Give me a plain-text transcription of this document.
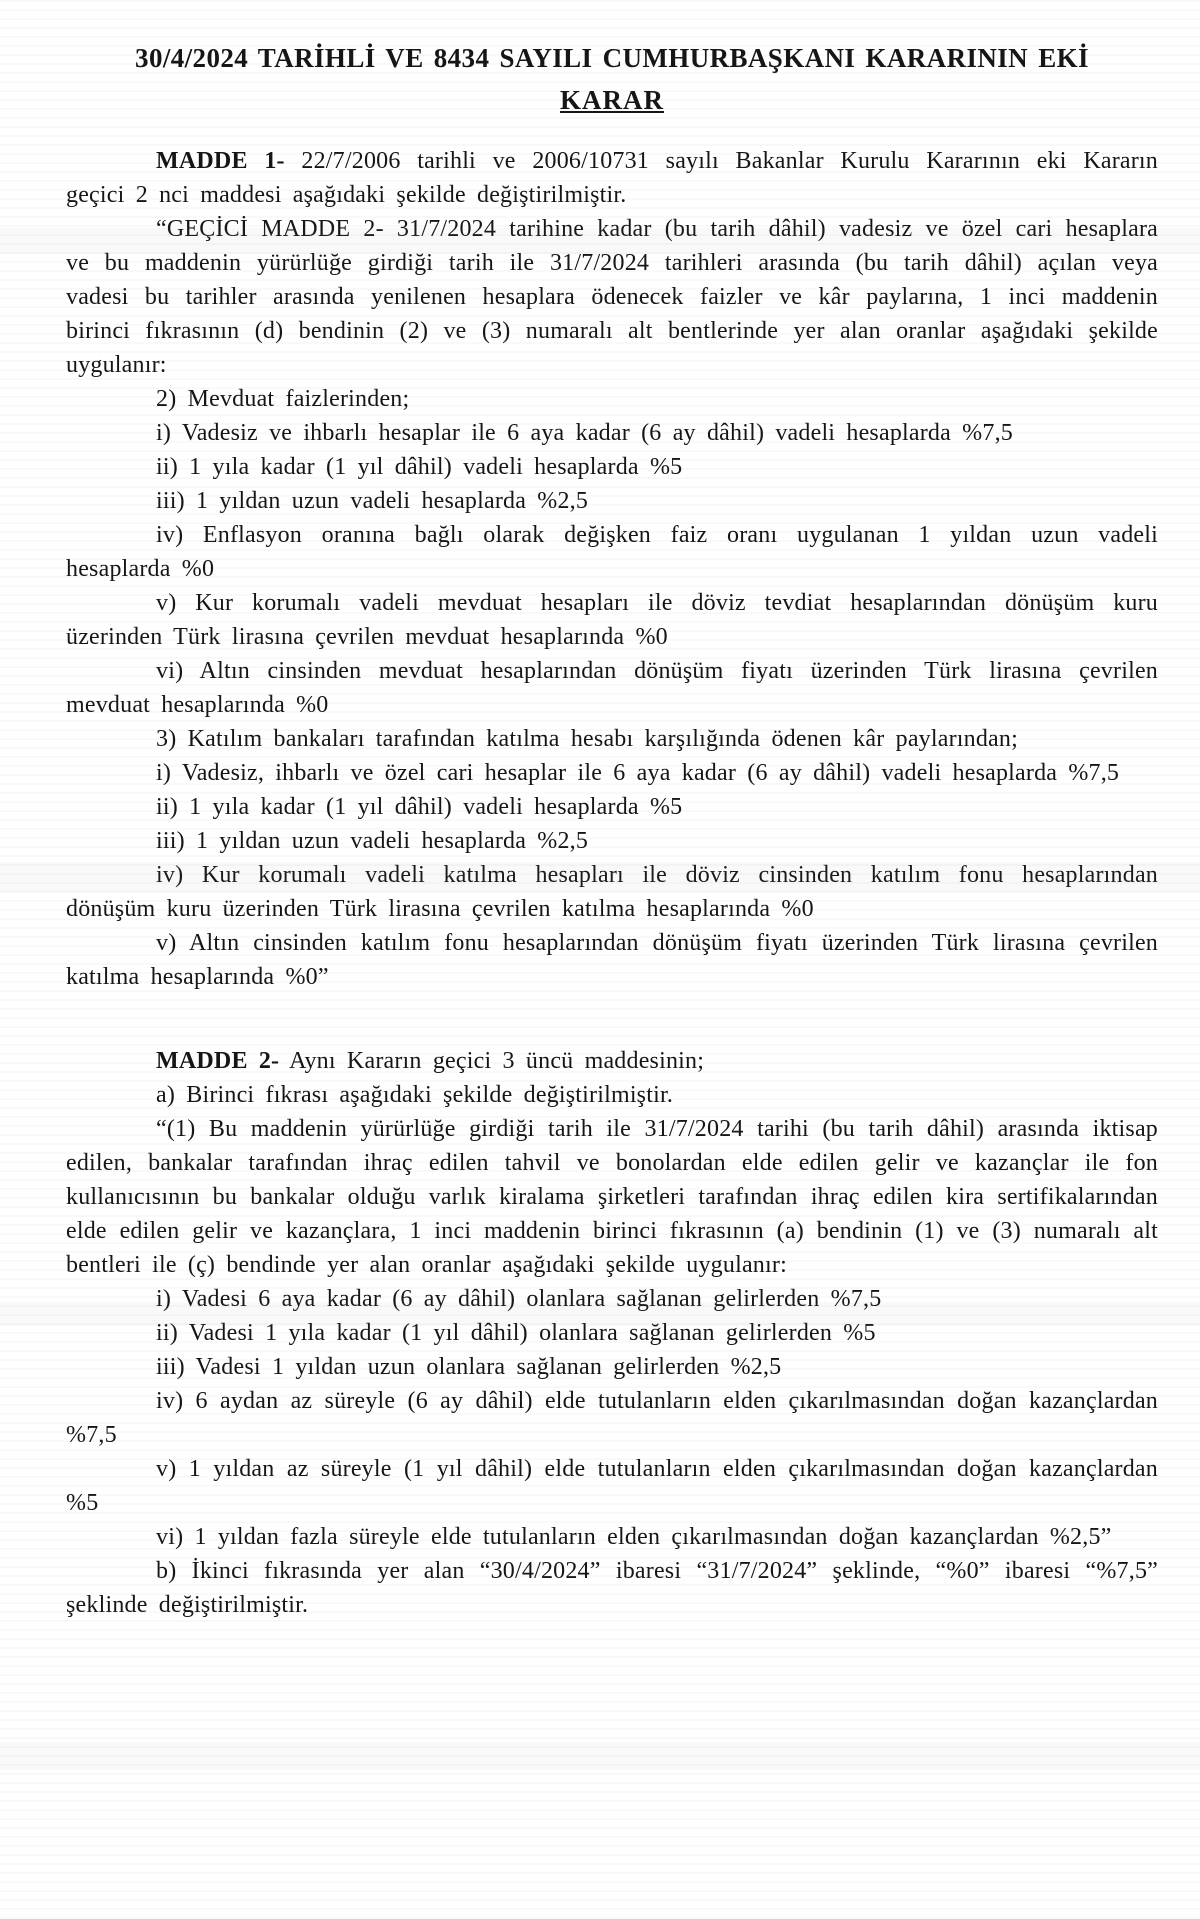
30/4/2024 TARİHLİ VE 8434 SAYILI CUMHURBAŞKANI KARARININ EKİ
KARAR

MADDE 1- 22/7/2006 tarihli ve 2006/10731 sayılı Bakanlar Kurulu Kararının eki Kararın geçici 2 nci maddesi aşağıdaki şekilde değiştirilmiştir.

“GEÇİCİ MADDE 2- 31/7/2024 tarihine kadar (bu tarih dâhil) vadesiz ve özel cari hesaplara ve bu maddenin yürürlüğe girdiği tarih ile 31/7/2024 tarihleri arasında (bu tarih dâhil) açılan veya vadesi bu tarihler arasında yenilenen hesaplara ödenecek faizler ve kâr paylarına, 1 inci maddenin birinci fıkrasının (d) bendinin (2) ve (3) numaralı alt bentlerinde yer alan oranlar aşağıdaki şekilde uygulanır:

2) Mevduat faizlerinden;

i) Vadesiz ve ihbarlı hesaplar ile 6 aya kadar (6 ay dâhil) vadeli hesaplarda %7,5

ii) 1 yıla kadar (1 yıl dâhil) vadeli hesaplarda %5

iii) 1 yıldan uzun vadeli hesaplarda %2,5

iv) Enflasyon oranına bağlı olarak değişken faiz oranı uygulanan 1 yıldan uzun vadeli hesaplarda %0

v) Kur korumalı vadeli mevduat hesapları ile döviz tevdiat hesaplarından dönüşüm kuru üzerinden Türk lirasına çevrilen mevduat hesaplarında %0

vi) Altın cinsinden mevduat hesaplarından dönüşüm fiyatı üzerinden Türk lirasına çevrilen mevduat hesaplarında %0

3) Katılım bankaları tarafından katılma hesabı karşılığında ödenen kâr paylarından;

i) Vadesiz, ihbarlı ve özel cari hesaplar ile 6 aya kadar (6 ay dâhil) vadeli hesaplarda %7,5

ii) 1 yıla kadar (1 yıl dâhil) vadeli hesaplarda %5

iii) 1 yıldan uzun vadeli hesaplarda %2,5

iv) Kur korumalı vadeli katılma hesapları ile döviz cinsinden katılım fonu hesaplarından dönüşüm kuru üzerinden Türk lirasına çevrilen katılma hesaplarında %0

v) Altın cinsinden katılım fonu hesaplarından dönüşüm fiyatı üzerinden Türk lirasına çevrilen katılma hesaplarında %0”

MADDE 2- Aynı Kararın geçici 3 üncü maddesinin;

a) Birinci fıkrası aşağıdaki şekilde değiştirilmiştir.

“(1) Bu maddenin yürürlüğe girdiği tarih ile 31/7/2024 tarihi (bu tarih dâhil) arasında iktisap edilen, bankalar tarafından ihraç edilen tahvil ve bonolardan elde edilen gelir ve kazançlar ile fon kullanıcısının bu bankalar olduğu varlık kiralama şirketleri tarafından ihraç edilen kira sertifikalarından elde edilen gelir ve kazançlara, 1 inci maddenin birinci fıkrasının (a) bendinin (1) ve (3) numaralı alt bentleri ile (ç) bendinde yer alan oranlar aşağıdaki şekilde uygulanır:

i) Vadesi 6 aya kadar (6 ay dâhil) olanlara sağlanan gelirlerden %7,5

ii) Vadesi 1 yıla kadar (1 yıl dâhil) olanlara sağlanan gelirlerden %5

iii) Vadesi 1 yıldan uzun olanlara sağlanan gelirlerden %2,5

iv) 6 aydan az süreyle (6 ay dâhil) elde tutulanların elden çıkarılmasından doğan kazançlardan %7,5

v) 1 yıldan az süreyle (1 yıl dâhil) elde tutulanların elden çıkarılmasından doğan kazançlardan %5

vi) 1 yıldan fazla süreyle elde tutulanların elden çıkarılmasından doğan kazançlardan %2,5”

b) İkinci fıkrasında yer alan “30/4/2024” ibaresi “31/7/2024” şeklinde, “%0” ibaresi “%7,5” şeklinde değiştirilmiştir.
